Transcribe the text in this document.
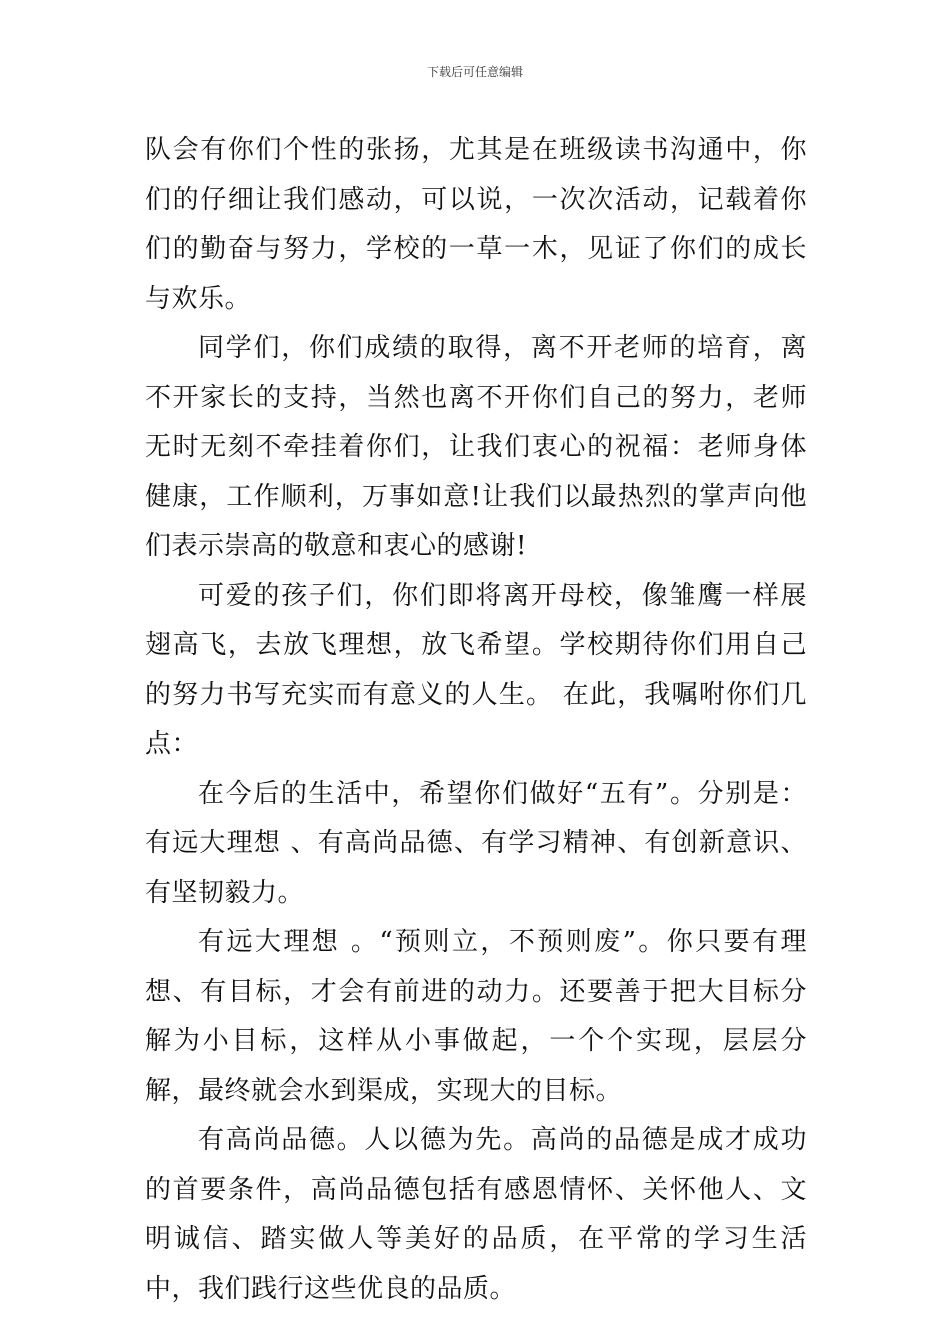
下载后可任意编辑

队会有你们个性的张扬，尤其是在班级读书沟通中，你们的仔细让我们感动，可以说，一次次活动，记载着你们的勤奋与努力，学校的一草一木，见证了你们的成长与欢乐。

同学们，你们成绩的取得，离不开老师的培育，离不开家长的支持，当然也离不开你们自己的努力，老师无时无刻不牵挂着你们，让我们衷心的祝福：老师身体健康，工作顺利，万事如意!让我们以最热烈的掌声向他们表示崇高的敬意和衷心的感谢!

可爱的孩子们，你们即将离开母校，像雏鹰一样展翅高飞，去放飞理想，放飞希望。学校期待你们用自己的努力书写充实而有意义的人生。 在此，我嘱咐你们几点：

在今后的生活中，希望你们做好“五有”。分别是：有远大理想 、有高尚品德、有学习精神、有创新意识、有坚韧毅力。

有远大理想 。“预则立，不预则废”。你只要有理想、有目标，才会有前进的动力。还要善于把大目标分解为小目标，这样从小事做起，一个个实现，层层分解，最终就会水到渠成，实现大的目标。

有高尚品德。人以德为先。高尚的品德是成才成功的首要条件，高尚品德包括有感恩情怀、关怀他人、文明诚信、踏实做人等美好的品质，在平常的学习生活中，我们践行这些优良的品质。
